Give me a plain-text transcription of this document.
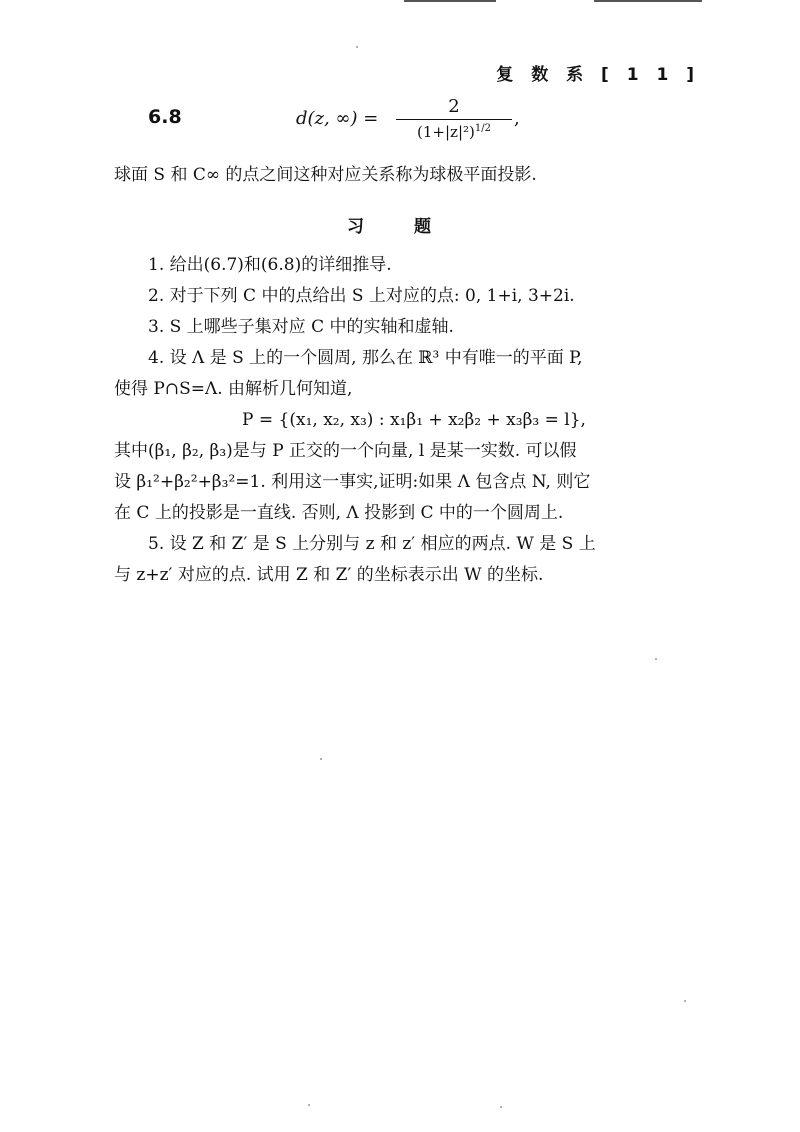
复 数 系 [ 1 1 ]
6.8	d(z, ∞) =
2
$(1+|z|^2)^{1/2}$	,

球面 S 和 C∞ 的点之间这种对应关系称为球极平面投影.

习 题

1. 给出(6.7)和(6.8)的详细推导.

2. 对于下列 C 中的点给出 S 上对应的点: 0, 1+i, 3+2i.

3. S 上哪些子集对应 C 中的实轴和虚轴.

4. 设 Λ 是 S 上的一个圆周, 那么在 ℝ³ 中有唯一的平面 P,

使得 P∩S=Λ. 由解析几何知道,

P = {(x₁, x₂, x₃) : x₁β₁ + x₂β₂ + x₃β₃ = l},

其中(β₁, β₂, β₃)是与 P 正交的一个向量, l 是某一实数. 可以假

设 β₁²+β₂²+β₃²=1. 利用这一事实,证明:如果 Λ 包含点 N, 则它

在 C 上的投影是一直线. 否则, Λ 投影到 C 中的一个圆周上.

5. 设 Z 和 Z′ 是 S 上分别与 z 和 z′ 相应的两点. W 是 S 上

与 z+z′ 对应的点. 试用 Z 和 Z′ 的坐标表示出 W 的坐标.
